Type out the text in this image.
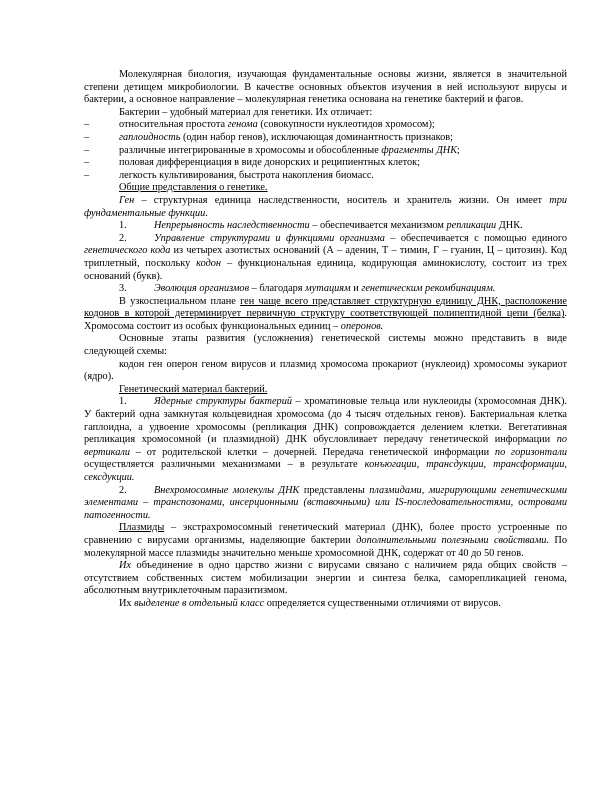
Молекулярная биология, изучающая фундаментальные основы жизни, является в значительной степени детищем микробиологии. В качестве основных объектов изучения в ней используют вирусы и бактерии, а основное направление – молекулярная генетика основана на генетике бактерий и фагов.

Бактерии – удобный материал для генетики. Их отличает:

–	относительная простота генома (совокупности нуклеотидов хромосом);
–	гаплоидность (один набор генов), исключающая доминантность признаков;
–	различные интегрированные в хромосомы и обособленные фрагменты ДНК;
–	половая дифференциация в виде донорских и реципиентных клеток;
–	легкость культивирования, быстрота накопления биомасс.

Общие представления о генетике.

Ген – структурная единица наследственности, носитель и хранитель жизни. Он имеет три фундаментальные функции.

1.	Непрерывность наследственности – обеспечивается механизмом репликации ДНК.

2.	Управление структурами и функциями организма – обеспечивается с помощью единого генетического кода из четырех азотистых оснований (А – аденин, Т – тимин, Г – гуанин, Ц – цитозин). Код триплетный, поскольку кодон – функциональная единица, кодирующая аминокислоту, состоит из трех оснований (букв).

3.	Эволюция организмов – благодаря мутациям и генетическим рекомбинациям.

В узкоспециальном плане ген чаще всего представляет структурную единицу ДНК, расположение кодонов в которой детерминирует первичную структуру соответствующей полипептидной цепи (белка). Хромосома состоит из особых функциональных единиц – оперонов.

Основные этапы развития (усложнения) генетической системы можно представить в виде следующей схемы:

кодон ген оперон геном вирусов и плазмид хромосома прокариот (нуклеоид) хромосомы эукариот (ядро).

Генетический материал бактерий.

1.	Ядерные структуры бактерий – хроматиновые тельца или нуклеоиды (хромосомная ДНК). У бактерий одна замкнутая кольцевидная хромосома (до 4 тысяч отдельных генов). Бактериальная клетка гаплоидна, а удвоение хромосомы (репликация ДНК) сопровождается делением клетки. Вегетативная репликация хромосомной (и плазмидной) ДНК обусловливает передачу генетической информации по вертикали – от родительской клетки – дочерней. Передача генетической информации по горизонтали осуществляется различными механизмами – в результате конъюгации, трансдукции, трансформации, сексдукции.

2.	Внехромосомные молекулы ДНК представлены плазмидами, мигрирующими генетическими элементами – транспозонами, инсерционными (вставочными) или IS-последовательностями, островами патогенности.

Плазмиды – экстрахромосомный генетический материал (ДНК), более просто устроенные по сравнению с вирусами организмы, наделяющие бактерии дополнительными полезными свойствами. По молекулярной массе плазмиды значительно меньше хромосомной ДНК, содержат от 40 до 50 генов.

Их объединение в одно царство жизни с вирусами связано с наличием ряда общих свойств – отсутствием собственных систем мобилизации энергии и синтеза белка, саморепликацией генома, абсолютным внутриклеточным паразитизмом.

Их выделение в отдельный класс определяется существенными отличиями от вирусов.
